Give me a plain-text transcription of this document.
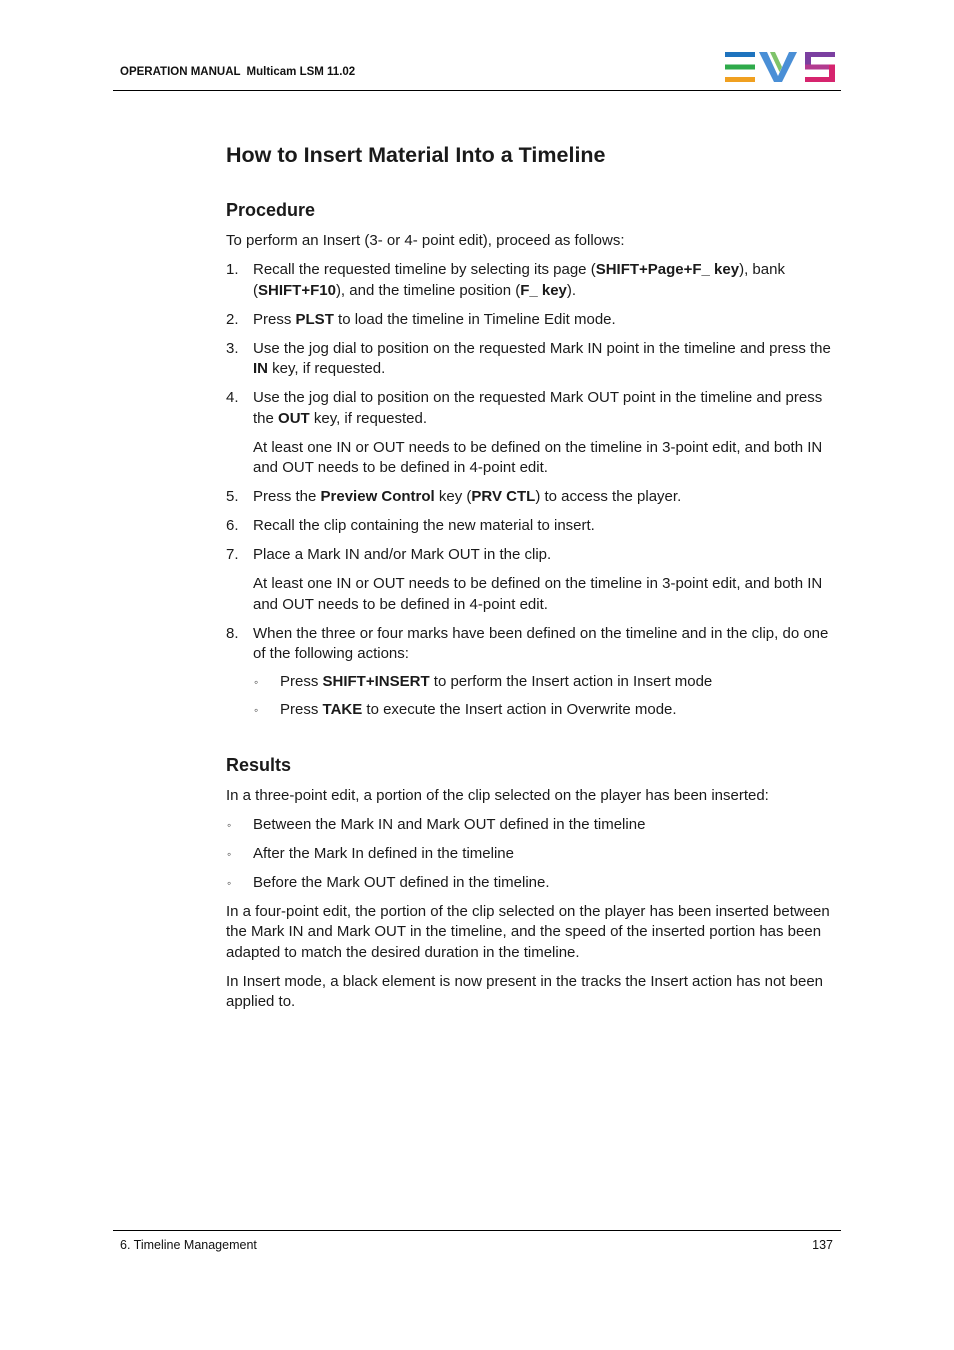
OPERATION MANUAL Multicam LSM 11.02
How to Insert Material Into a Timeline
Procedure

To perform an Insert (3- or 4- point edit), proceed as follows:

1. Recall the requested timeline by selecting its page (SHIFT+Page+F_ key), bank (SHIFT+F10), and the timeline position (F_ key).
2. Press PLST to load the timeline in Timeline Edit mode.
3. Use the jog dial to position on the requested Mark IN point in the timeline and press the IN key, if requested.
4. Use the jog dial to position on the requested Mark OUT point in the timeline and press the OUT key, if requested.

At least one IN or OUT needs to be defined on the timeline in 3-point edit, and both IN and OUT needs to be defined in 4-point edit.

5. Press the Preview Control key (PRV CTL) to access the player.
6. Recall the clip containing the new material to insert.
7. Place a Mark IN and/or Mark OUT in the clip.

At least one IN or OUT needs to be defined on the timeline in 3-point edit, and both IN and OUT needs to be defined in 4-point edit.

8. When the three or four marks have been defined on the timeline and in the clip, do one of the following actions:
◦ Press SHIFT+INSERT to perform the Insert action in Insert mode
◦ Press TAKE to execute the Insert action in Overwrite mode.
Results

In a three-point edit, a portion of the clip selected on the player has been inserted:

◦ Between the Mark IN and Mark OUT defined in the timeline
◦ After the Mark In defined in the timeline
◦ Before the Mark OUT defined in the timeline.

In a four-point edit, the portion of the clip selected on the player has been inserted between the Mark IN and Mark OUT in the timeline, and the speed of the inserted portion has been adapted to match the desired duration in the timeline.

In Insert mode, a black element is now present in the tracks the Insert action has not been applied to.

6. Timeline Management	137
